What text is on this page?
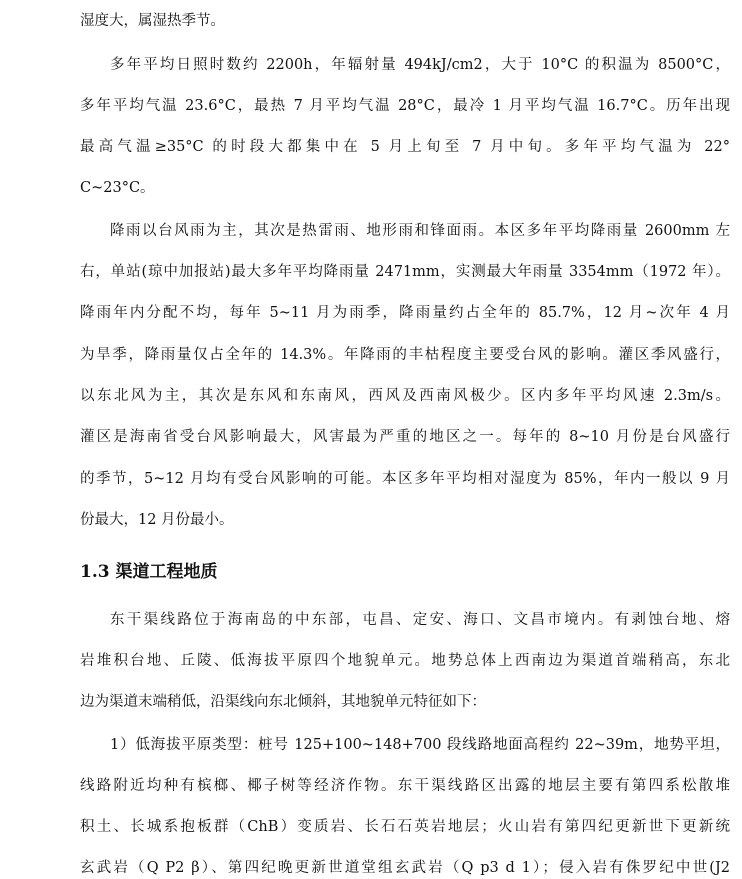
湿度大，属湿热季节。
多年平均日照时数约 2200h，年辐射量 494kJ/cm2，大于 10°C 的积温为 8500°C，
多年平均气温 23.6°C，最热 7 月平均气温 28°C，最冷 1 月平均气温 16.7°C。历年出现
最高气温≥35°C 的时段大都集中在 5 月上旬至 7 月中旬。多年平均气温为 22°
C~23°C。
降雨以台风雨为主，其次是热雷雨、地形雨和锋面雨。本区多年平均降雨量 2600mm 左
右，单站(琼中加报站)最大多年平均降雨量 2471mm，实测最大年雨量 3354mm（1972 年）。
降雨年内分配不均，每年 5~11 月为雨季，降雨量约占全年的 85.7%，12 月~次年 4 月
为旱季，降雨量仅占全年的 14.3%。年降雨的丰枯程度主要受台风的影响。灌区季风盛行，
以东北风为主，其次是东风和东南风，西风及西南风极少。区内多年平均风速 2.3m/s。
灌区是海南省受台风影响最大，风害最为严重的地区之一。每年的 8~10 月份是台风盛行
的季节，5~12 月均有受台风影响的可能。本区多年平均相对湿度为 85%，年内一般以 9 月
份最大，12 月份最小。
1.3 渠道工程地质
东干渠线路位于海南岛的中东部，屯昌、定安、海口、文昌市境内。有剥蚀台地、熔
岩堆积台地、丘陵、低海拔平原四个地貌单元。地势总体上西南边为渠道首端稍高，东北
边为渠道末端稍低，沿渠线向东北倾斜，其地貌单元特征如下：
1）低海拔平原类型：桩号 125+100~148+700 段线路地面高程约 22~39m，地势平坦，
线路附近均种有槟榔、椰子树等经济作物。东干渠线路区出露的地层主要有第四系松散堆
积土、长城系抱板群（ChB）变质岩、长石石英岩地层；火山岩有第四纪更新世下更新统
玄武岩（Q P2 β）、第四纪晚更新世道堂组玄武岩（Q p3 d 1）；侵入岩有侏罗纪中世(J2
